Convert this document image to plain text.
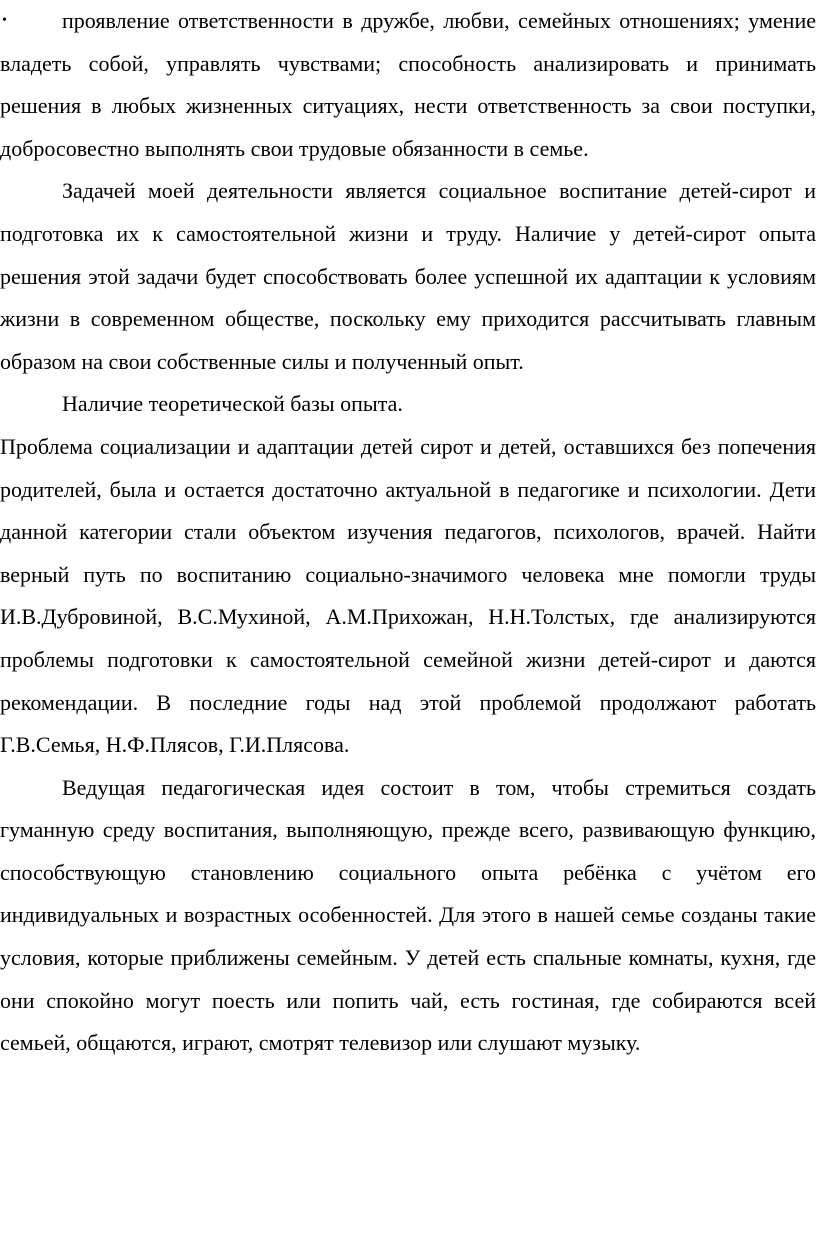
•	проявление ответственности в дружбе, любви, семейных отношениях; умение владеть собой, управлять чувствами; способность анализировать и принимать решения в любых жизненных ситуациях, нести ответственность за свои поступки, добросовестно выполнять свои трудовые обязанности в семье.

Задачей моей деятельности является социальное воспитание детей-сирот и подготовка их к самостоятельной жизни и труду. Наличие у детей-сирот опыта решения этой задачи будет способствовать более успешной их адаптации к условиям жизни в современном обществе, поскольку ему приходится рассчитывать главным образом на свои собственные силы и полученный опыт.

Наличие теоретической базы опыта.

Проблема социализации и адаптации детей сирот и детей, оставшихся без попечения родителей, была и остается достаточно актуальной в педагогике и психологии. Дети данной категории стали объектом изучения педагогов, психологов, врачей. Найти верный путь по воспитанию социально-значимого человека мне помогли труды И.В.Дубровиной, В.С.Мухиной, А.М.Прихожан, Н.Н.Толстых, где анализируются проблемы подготовки к самостоятельной семейной жизни детей-сирот и даются рекомендации. В последние годы над этой проблемой продолжают работать Г.В.Семья, Н.Ф.Плясов, Г.И.Плясова.

Ведущая педагогическая идея состоит в том, чтобы стремиться создать гуманную среду воспитания, выполняющую, прежде всего, развивающую функцию, способствующую становлению социального опыта ребёнка с учётом его индивидуальных и возрастных особенностей. Для этого в нашей семье созданы такие условия, которые приближены семейным. У детей есть спальные комнаты, кухня, где они спокойно могут поесть или попить чай, есть гостиная, где собираются всей семьей, общаются, играют, смотрят телевизор или слушают музыку.
